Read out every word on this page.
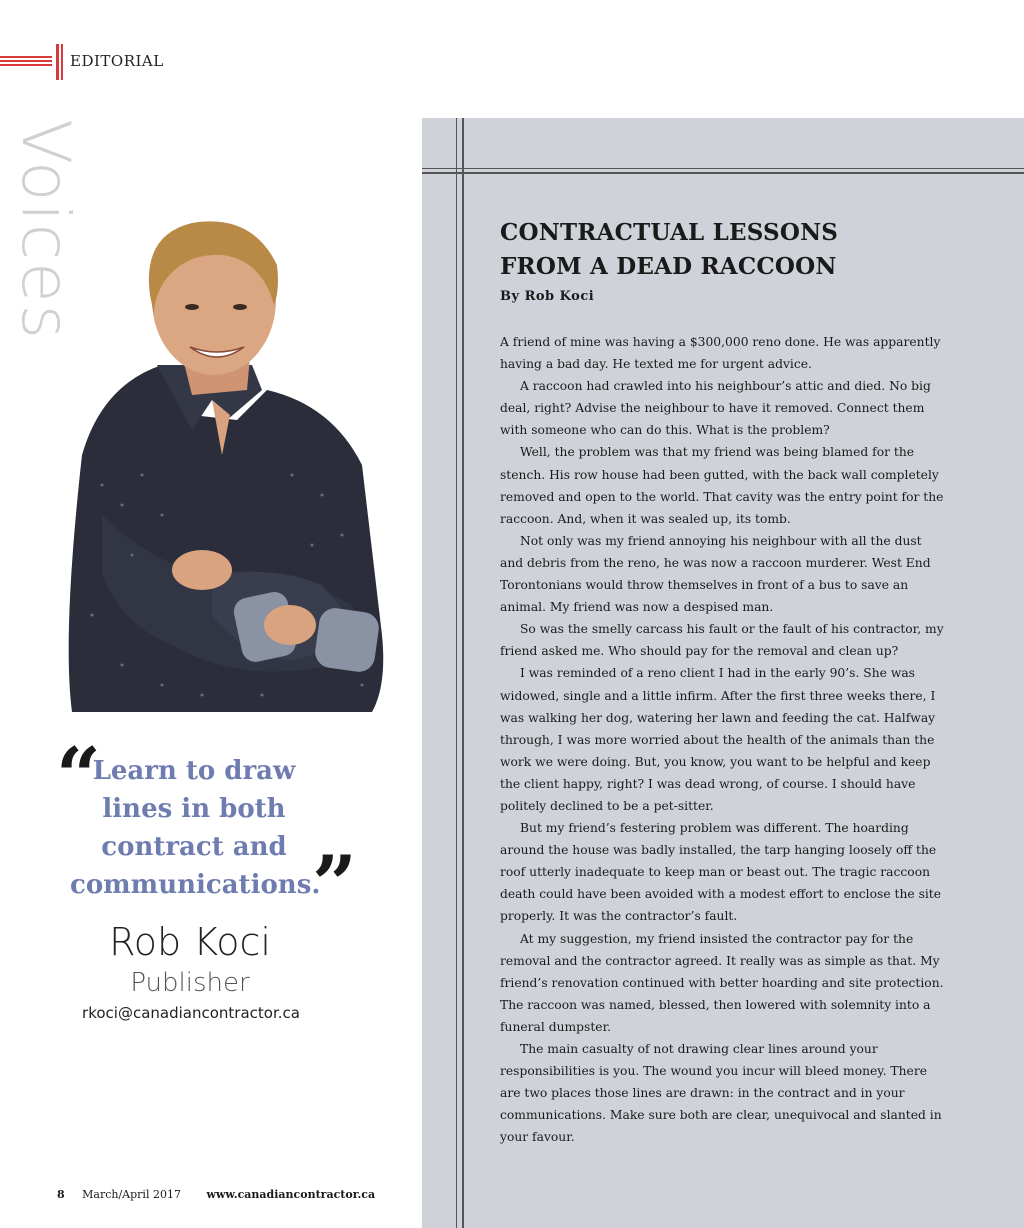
EDITORIAL
Voices
“
Learn to draw
lines in both
contract and
communications.
”
Rob Koci
Publisher
rkoci@canadiancontractor.ca
CONTRACTUAL LESSONS
FROM A DEAD RACCOON
By Rob Koci

A friend of mine was having a $300,000 reno done. He was apparently having a bad day. He texted me for urgent advice.

A raccoon had crawled into his neighbour’s attic and died. No big deal, right? Advise the neighbour to have it removed. Connect them with someone who can do this. What is the problem?

Well, the problem was that my friend was being blamed for the stench. His row house had been gutted, with the back wall completely removed and open to the world. That cavity was the entry point for the raccoon. And, when it was sealed up, its tomb.

Not only was my friend annoying his neighbour with all the dust and debris from the reno, he was now a raccoon murderer. West End Torontonians would throw themselves in front of a bus to save an animal. My friend was now a despised man.

So was the smelly carcass his fault or the fault of his contractor, my friend asked me. Who should pay for the removal and clean up?

I was reminded of a reno client I had in the early 90’s. She was widowed, single and a little infirm. After the first three weeks there, I was walking her dog, watering her lawn and feeding the cat. Halfway through, I was more worried about the health of the animals than the work we were doing. But, you know, you want to be helpful and keep the client happy, right? I was dead wrong, of course. I should have politely declined to be a pet-sitter.

But my friend’s festering problem was different. The hoarding around the house was badly installed, the tarp hanging loosely off the roof utterly inadequate to keep man or beast out. The tragic raccoon death could have been avoided with a modest effort to enclose the site properly. It was the contractor’s fault.

At my suggestion, my friend insisted the contractor pay for the removal and the contractor agreed. It really was as simple as that. My friend’s renovation continued with better hoarding and site protection. The raccoon was named, blessed, then lowered with solemnity into a funeral dumpster.

The main casualty of not drawing clear lines around your responsibilities is you. The wound you incur will bleed money. There are two places those lines are drawn: in the contract and in your communications. Make sure both are clear, unequivocal and slanted in your favour.

8 March/April 2017 www.canadiancontractor.ca
